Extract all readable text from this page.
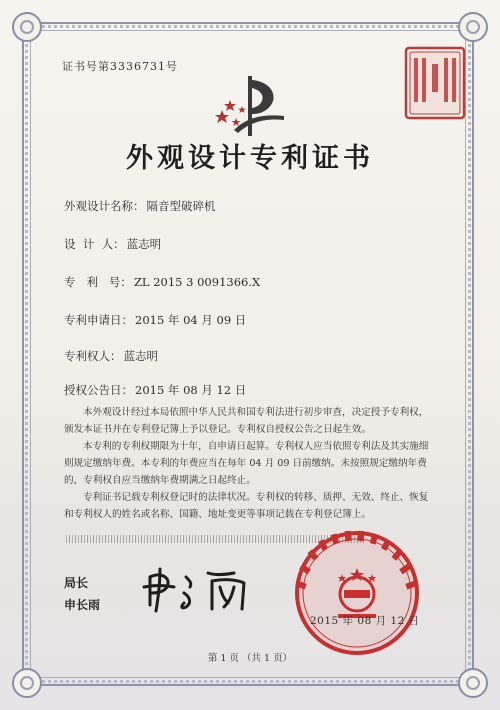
证书号第3336731号
外观设计专利证书
外观设计名称： 隔音型破碎机
设  计  人： 蓝志明
专   利   号： ZL 2015 3 0091366.X
专利申请日： 2015 年 04 月 09 日
专利权人： 蓝志明
授权公告日： 2015 年 08 月 12 日

本外观设计经过本局依照中华人民共和国专利法进行初步审查，决定授予专利权，颁发本证书并在专利登记簿上予以登记。专利权自授权公告之日起生效。

本专利的专利权期限为十年，自申请日起算。专利权人应当依照专利法及其实施细则规定缴纳年费。本专利的年费应当在每年 04 月 09 日前缴纳。未按照规定缴纳年费的，专利权自应当缴纳年费期满之日起终止。

专利证书记载专利权登记时的法律状况。专利权的转移、质押、无效、终止、恢复和专利权人的姓名或名称、国籍、地址变更等事项记载在专利登记簿上。

局长
申长雨
2015 年 08 月 12 日
第 1 页 （共 1 页）
